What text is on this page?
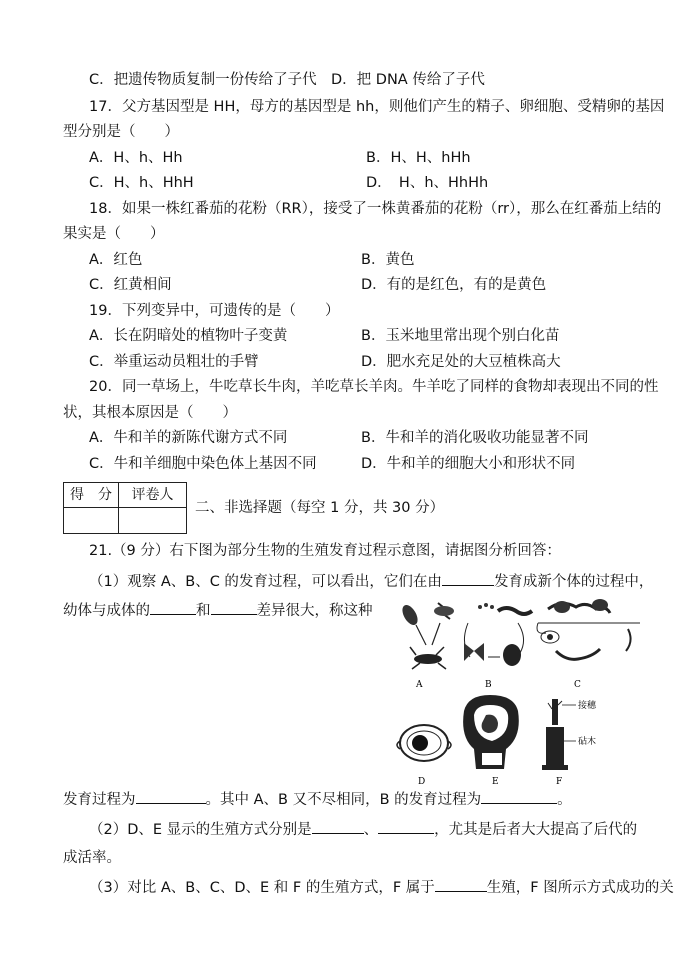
C．把遗传物质复制一份传给了子代 D．把 DNA 传给了子代
17．父方基因型是 HH，母方的基因型是 hh，则他们产生的精子、卵细胞、受精卵的基因
型分别是（　　）
A．H、h、Hh	B．H、H、hHh
C．H、h、HhH	D．　H、h、HhHh
18．如果一株红番茄的花粉（RR），接受了一株黄番茄的花粉（rr），那么在红番茄上结的
果实是（　　）
A．红色	B．黄色
C．红黄相间	D．有的是红色，有的是黄色
19．下列变异中，可遗传的是（　　）
A．长在阴暗处的植物叶子变黄	B．玉米地里常出现个别白化苗
C．举重运动员粗壮的手臂	D．肥水充足处的大豆植株高大
20．同一草场上，牛吃草长牛肉，羊吃草长羊肉。牛羊吃了同样的食物却表现出不同的性
状，其根本原因是（　　）
A．牛和羊的新陈代谢方式不同	B．牛和羊的消化吸收功能显著不同
C．牛和羊细胞中染色体上基因不同	D．牛和羊的细胞大小和形状不同
得　分	评卷人
二、非选择题（每空 1 分，共 30 分）
21.（9 分）右下图为部分生物的生殖发育过程示意图，请据图分析回答：
（1）观察 A、B、C 的发育过程，可以看出，它们在由	发育成新个体的过程中，
幼体与成体的	和	差异很大，称这种
A	B	C
接穗
砧木
D	E	F
发育过程为	。其中 A、B 又不尽相同，B 的发育过程为	。
（2）D、E 显示的生殖方式分别是	、	，尤其是后者大大提高了后代的
成活率。
（3）对比 A、B、C、D、E 和 F 的生殖方式，F 属于	生殖，F 图所示方式成功的关
